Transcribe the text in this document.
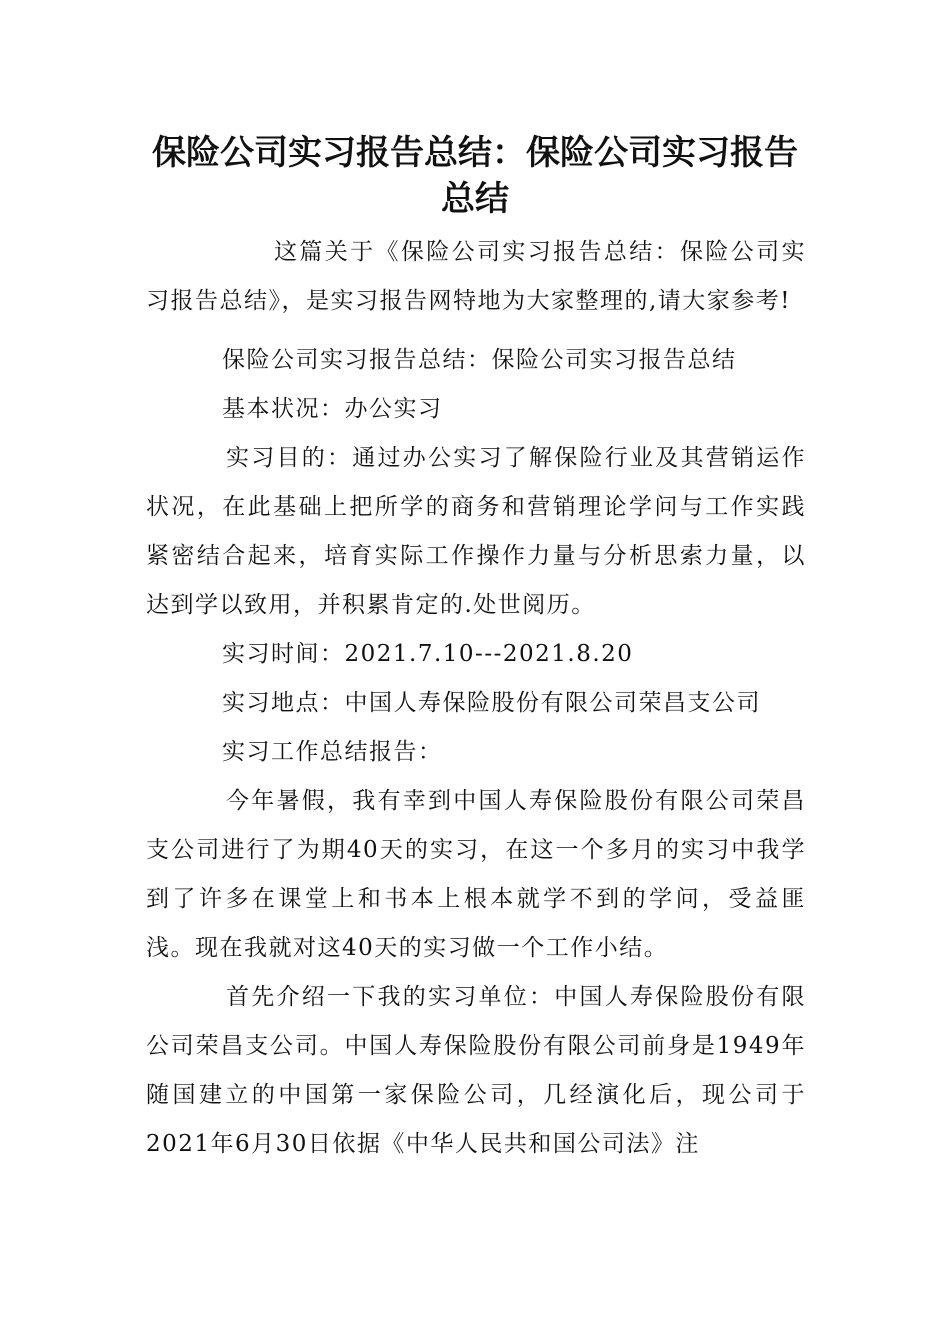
保险公司实习报告总结：保险公司实习报告总结

这篇关于《保险公司实习报告总结：保险公司实习报告总结》，是实习报告网特地为大家整理的,请大家参考!

保险公司实习报告总结：保险公司实习报告总结

基本状况：办公实习

实习目的：通过办公实习了解保险行业及其营销运作状况，在此基础上把所学的商务和营销理论学问与工作实践紧密结合起来，培育实际工作操作力量与分析思索力量，以达到学以致用，并积累肯定的.处世阅历。

实习时间：2021.7.10---2021.8.20

实习地点：中国人寿保险股份有限公司荣昌支公司

实习工作总结报告：

今年暑假，我有幸到中国人寿保险股份有限公司荣昌支公司进行了为期40天的实习，在这一个多月的实习中我学到了许多在课堂上和书本上根本就学不到的学问，受益匪浅。现在我就对这40天的实习做一个工作小结。

首先介绍一下我的实习单位：中国人寿保险股份有限公司荣昌支公司。中国人寿保险股份有限公司前身是1949年随国建立的中国第一家保险公司，几经演化后，现公司于2021年6月30日依据《中华人民共和国公司法》注
